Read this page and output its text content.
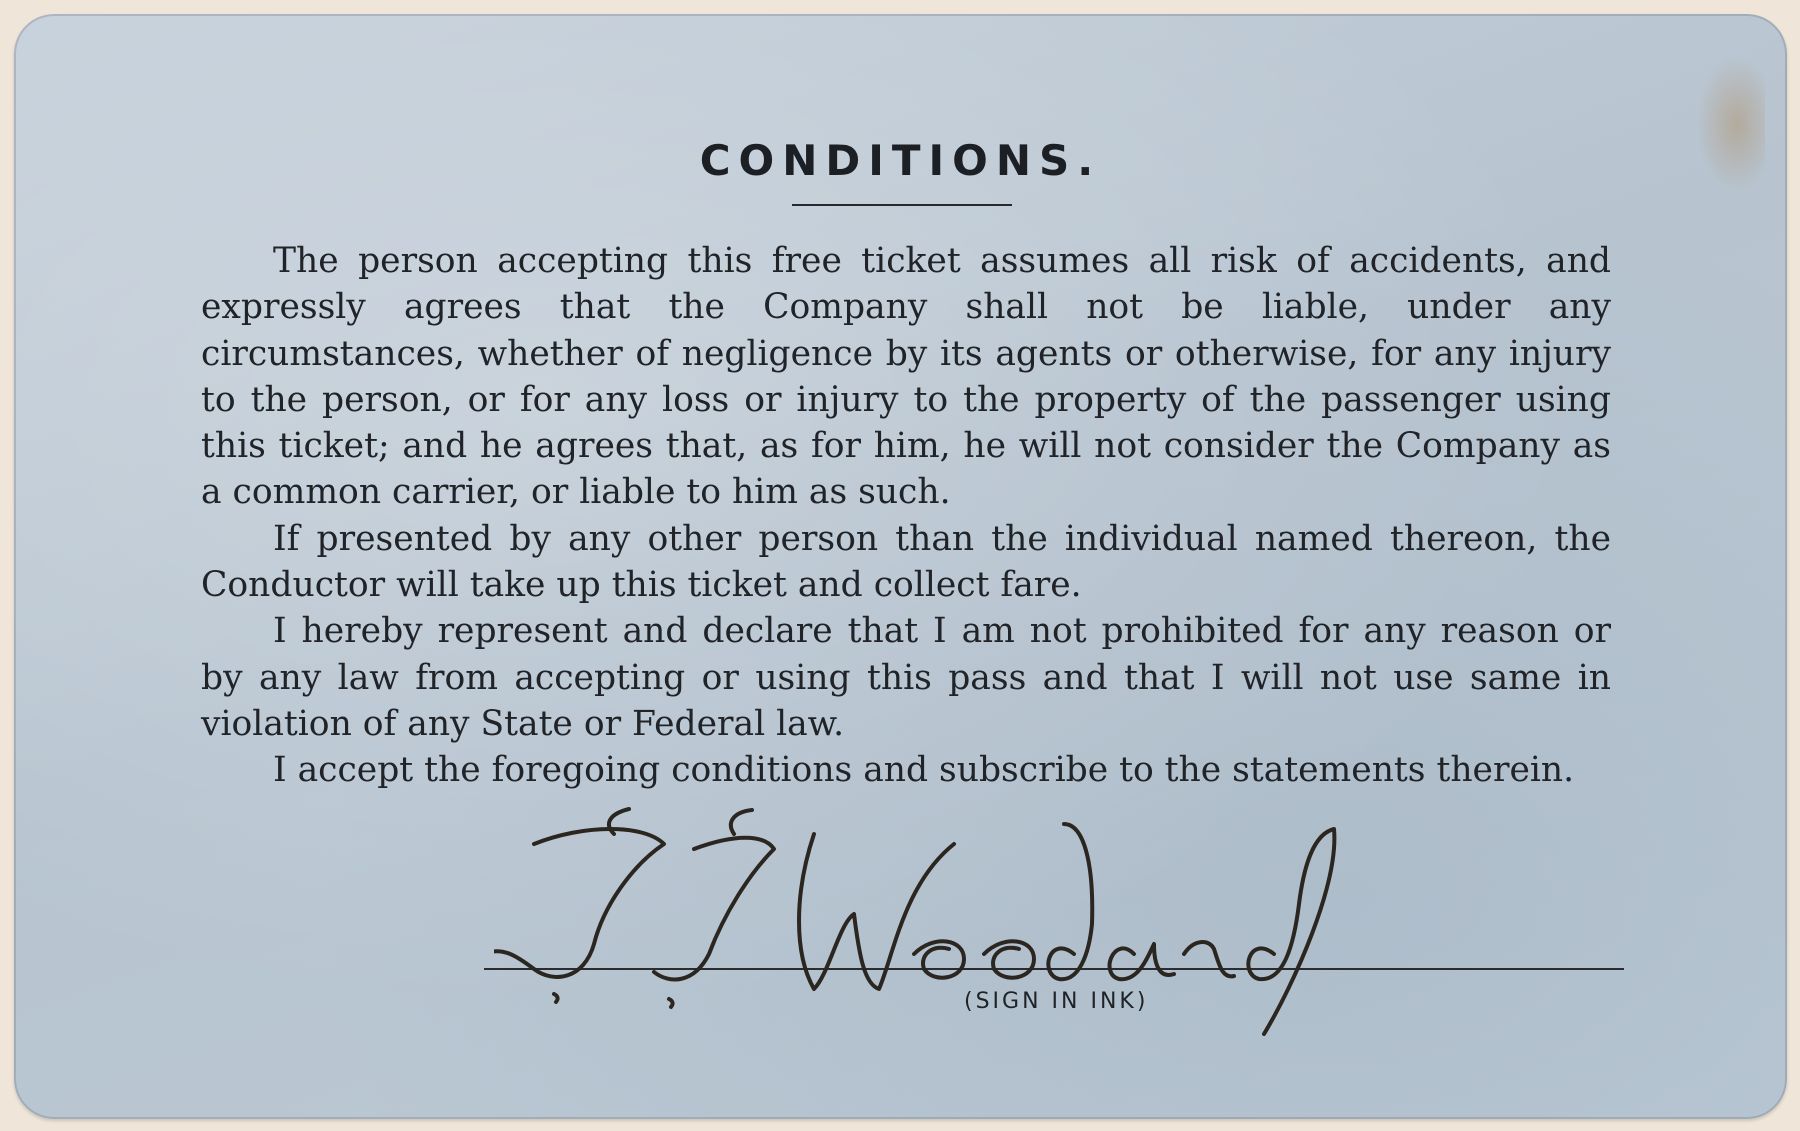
CONDITIONS.

The person accepting this free ticket assumes all risk of accidents, and expressly agrees that the Company shall not be liable, under any circumstances, whether of negligence by its agents or otherwise, for any injury to the person, or for any loss or injury to the property of the passenger using this ticket; and he agrees that, as for him, he will not consider the Company as a common carrier, or liable to him as such.

If presented by any other person than the individual named thereon, the Conductor will take up this ticket and collect fare.

I hereby represent and declare that I am not prohibited for any reason or by any law from accepting or using this pass and that I will not use same in violation of any State or Federal law.

I accept the foregoing conditions and subscribe to the statements therein.

(SIGN IN INK)
